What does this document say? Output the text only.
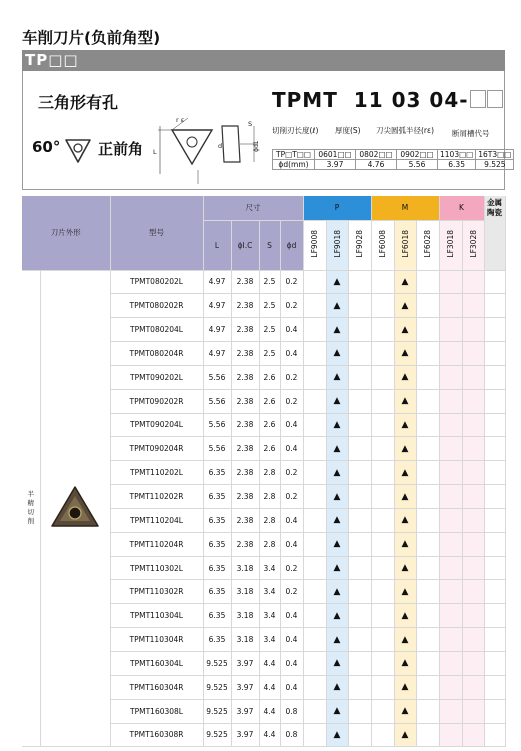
车削刀片(负前角型)
TP□□
三角形有孔
60°	正前角
r ε
d
L
S
ϕd1
TPMT 11 03 04-
切削刃长度(ℓ) 厚度(S) 刀尖圆弧半径(rε) 断屑槽代号
TP□T□□	0601□□	0802□□	0902□□	1103□□	16T3□□
ϕd(mm)	3.97	4.76	5.56	6.35	9.525
刀片外形		型号	尺寸				P			M			K		金属陶瓷
			L	ϕI.C	S	ϕd	LF9008	LF9018	LF9028	LF6008	LF6018	LF6028	LF3018	LF3028	
半精切削		TPMT080202L	4.97	2.38	2.5	0.2		▲			▲				
		TPMT080202R	4.97	2.38	2.5	0.2		▲			▲				
		TPMT080204L	4.97	2.38	2.5	0.4		▲			▲				
		TPMT080204R	4.97	2.38	2.5	0.4		▲			▲				
		TPMT090202L	5.56	2.38	2.6	0.2		▲			▲				
		TPMT090202R	5.56	2.38	2.6	0.2		▲			▲				
		TPMT090204L	5.56	2.38	2.6	0.4		▲			▲				
		TPMT090204R	5.56	2.38	2.6	0.4		▲			▲				
		TPMT110202L	6.35	2.38	2.8	0.2		▲			▲				
		TPMT110202R	6.35	2.38	2.8	0.2		▲			▲				
		TPMT110204L	6.35	2.38	2.8	0.4		▲			▲				
		TPMT110204R	6.35	2.38	2.8	0.4		▲			▲				
		TPMT110302L	6.35	3.18	3.4	0.2		▲			▲				
		TPMT110302R	6.35	3.18	3.4	0.2		▲			▲				
		TPMT110304L	6.35	3.18	3.4	0.4		▲			▲				
		TPMT110304R	6.35	3.18	3.4	0.4		▲			▲				
		TPMT160304L	9.525	3.97	4.4	0.4		▲			▲				
		TPMT160304R	9.525	3.97	4.4	0.4		▲			▲				
		TPMT160308L	9.525	3.97	4.4	0.8		▲			▲				
		TPMT160308R	9.525	3.97	4.4	0.8		▲			▲				
